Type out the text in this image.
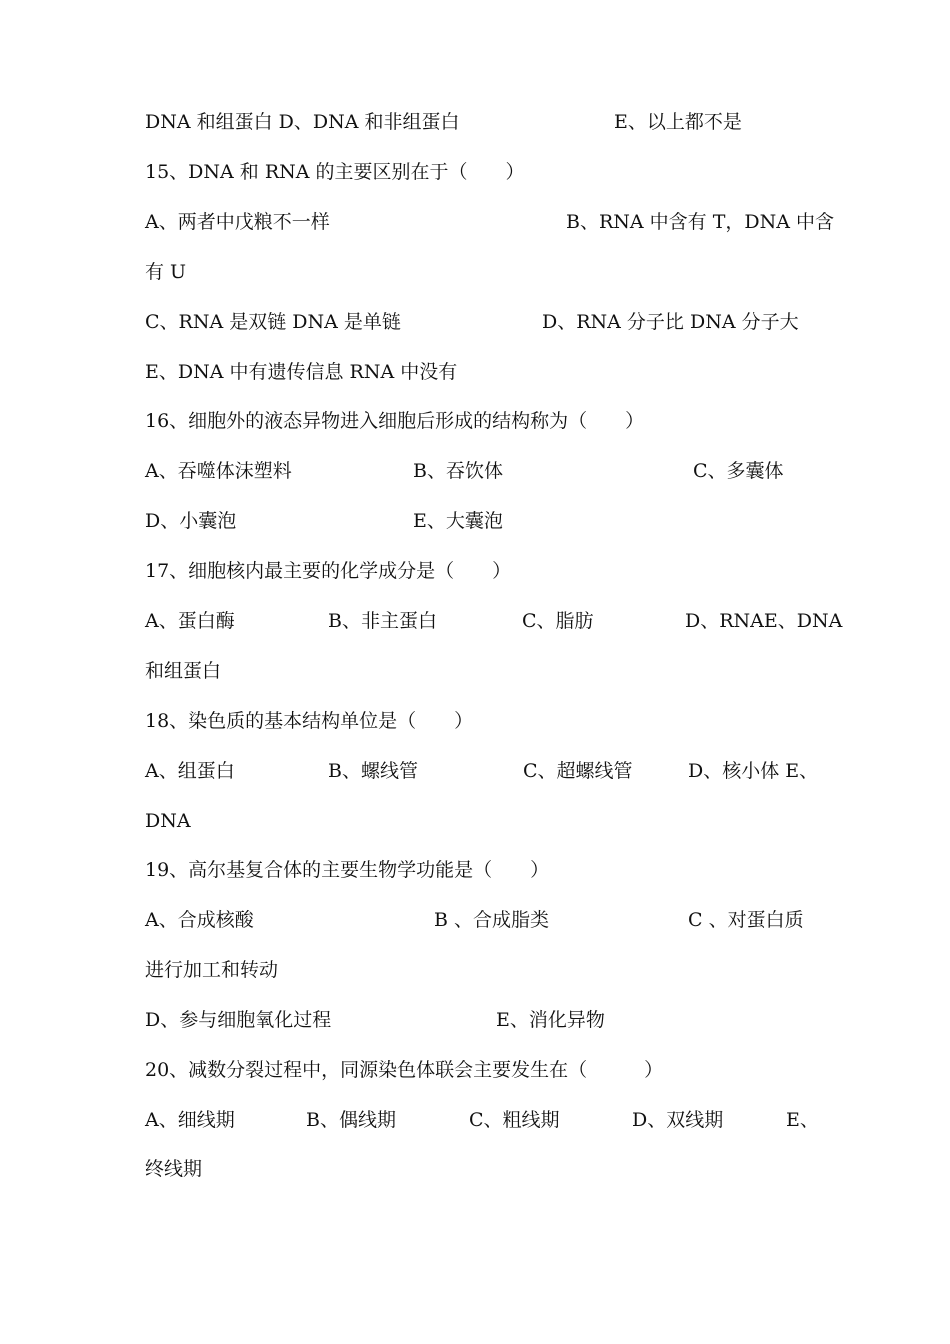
DNA 和组蛋白 D、DNA 和非组蛋白	E、以上都不是
15、DNA 和 RNA 的主要区别在于（　　）
A、两者中戊粮不一样	B、RNA 中含有 T，DNA 中含
有 U
C、RNA 是双链 DNA 是单链	D、RNA 分子比 DNA 分子大
E、DNA 中有遗传信息 RNA 中没有
16、细胞外的液态异物进入细胞后形成的结构称为（　　）
A、吞噬体沫塑料	B、吞饮体	C、多囊体
D、小囊泡	E、大囊泡
17、细胞核内最主要的化学成分是（　　）
A、蛋白酶	B、非主蛋白	C、脂肪	D、RNAE、DNA
和组蛋白
18、染色质的基本结构单位是（　　）
A、组蛋白	B、螺线管	C、超螺线管	D、核小体 E、
DNA
19、高尔基复合体的主要生物学功能是（　　）
A、合成核酸	B 、合成脂类	C 、对蛋白质
进行加工和转动
D、参与细胞氧化过程	E、消化异物
20、减数分裂过程中，同源染色体联会主要发生在（　　　）
A、细线期	B、偶线期	C、粗线期	D、双线期	E、
终线期
